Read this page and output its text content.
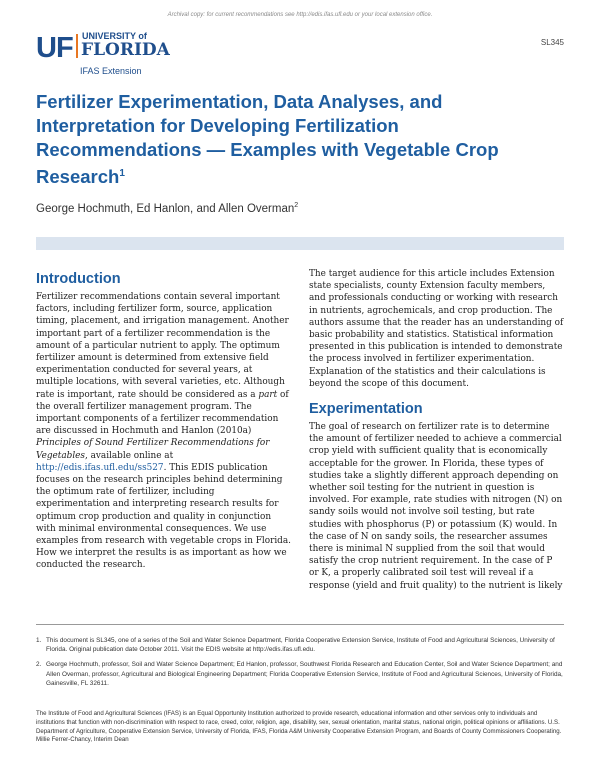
Archival copy: for current recommendations see http://edis.ifas.ufl.edu or your local extension office.
UF UNIVERSITY of
FLORIDA
IFAS Extension
SL345
Fertilizer Experimentation, Data Analyses, and Interpretation for Developing Fertilization Recommendations — Examples with Vegetable Crop Research$^1$
George Hochmuth, Ed Hanlon, and Allen Overman$^2$
Introduction

Fertilizer recommendations contain several important factors, including fertilizer form, source, application timing, placement, and irrigation management. Another important part of a fertilizer recommendation is the amount of a particular nutrient to apply. The optimum fertilizer amount is determined from extensive field experimentation conducted for several years, at multiple locations, with several varieties, etc. Although rate is important, rate should be considered as a part of the overall fertilizer management program. The important components of a fertilizer recommendation are discussed in Hochmuth and Hanlon (2010a) Principles of Sound Fertilizer Recommendations for Vegetables, available online at http://edis.ifas.ufl.edu/ss527. This EDIS publication focuses on the research principles behind determining the optimum rate of fertilizer, including experimentation and interpreting research results for optimum crop production and quality in conjunction with minimal environmental consequences. We use examples from research with vegetable crops in Florida. How we interpret the results is as important as how we conducted the research.

The target audience for this article includes Extension state specialists, county Extension faculty members, and professionals conducting or working with research in nutrients, agrochemicals, and crop production. The authors assume that the reader has an understanding of basic probability and statistics. Statistical information presented in this publication is intended to demonstrate the process involved in fertilizer experimentation. Explanation of the statistics and their calculations is beyond the scope of this document.

Experimentation

The goal of research on fertilizer rate is to determine the amount of fertilizer needed to achieve a commercial crop yield with sufficient quality that is economically acceptable for the grower. In Florida, these types of studies take a slightly different approach depending on whether soil testing for the nutrient in question is involved. For example, rate studies with nitrogen (N) on sandy soils would not involve soil testing, but rate studies with phosphorus (P) or potassium (K) would. In the case of N on sandy soils, the researcher assumes there is minimal N supplied from the soil that would satisfy the crop nutrient requirement. In the case of P or K, a properly calibrated soil test will reveal if a response (yield and fruit quality) to the nutrient is likely

1. This document is SL345, one of a series of the Soil and Water Science Department, Florida Cooperative Extension Service, Institute of Food and Agricultural Sciences, University of Florida. Original publication date October 2011. Visit the EDIS website at http://edis.ifas.ufl.edu.
2. George Hochmuth, professor, Soil and Water Science Department; Ed Hanlon, professor, Southwest Florida Research and Education Center, Soil and Water Science Department; and Allen Overman, professor, Agricultural and Biological Engineering Department; Florida Cooperative Extension Service, Institute of Food and Agricultural Sciences, University of Florida, Gainesville, FL 32611.
The Institute of Food and Agricultural Sciences (IFAS) is an Equal Opportunity Institution authorized to provide research, educational information and other services only to individuals and institutions that function with non-discrimination with respect to race, creed, color, religion, age, disability, sex, sexual orientation, marital status, national origin, political opinions or affiliations. U.S. Department of Agriculture, Cooperative Extension Service, University of Florida, IFAS, Florida A&M University Cooperative Extension Program, and Boards of County Commissioners Cooperating. Millie Ferrer-Chancy, Interim Dean
